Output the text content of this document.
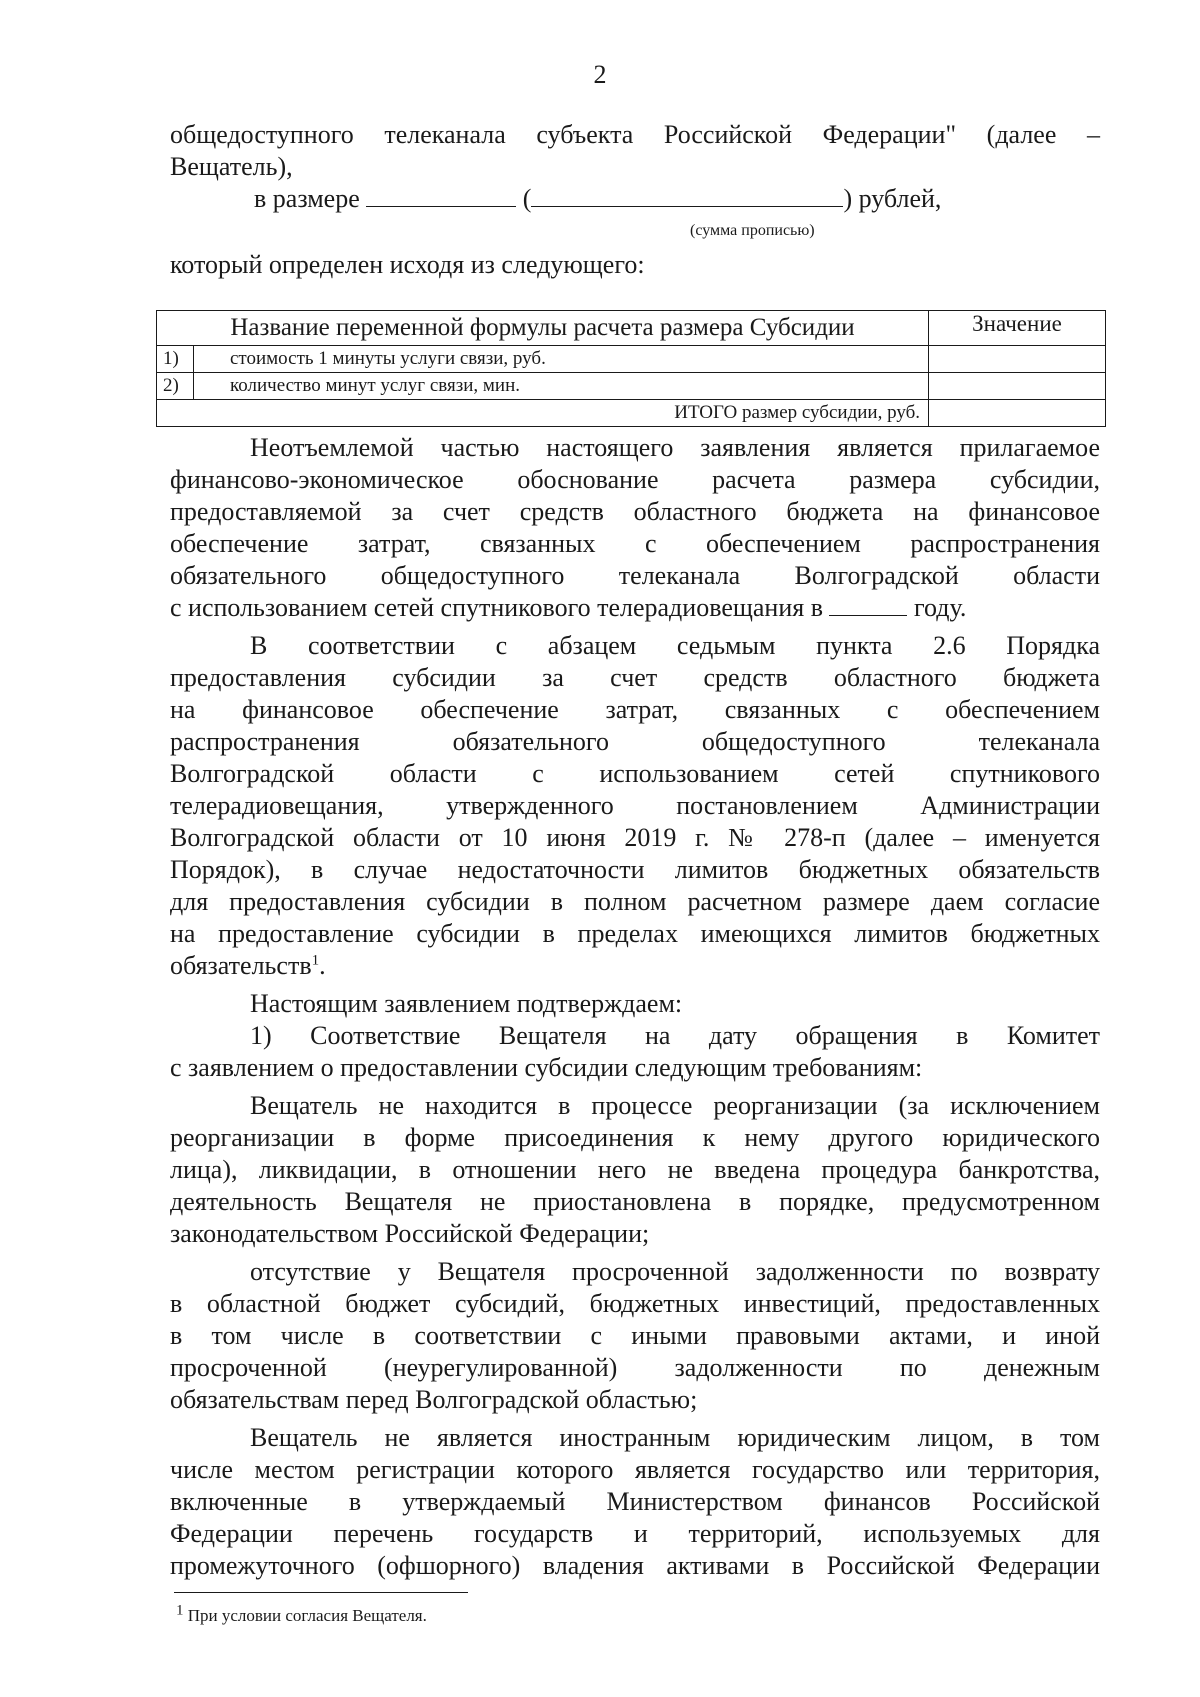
2
общедоступного телеканала субъекта Российской Федерации" (далее –
Вещатель),
в размере	(	) рублей,
(сумма прописью)
который определен исходя из следующего:
Название переменной формулы расчета размера Субсидии	Значение
1) стоимость 1 минуты услуги связи, руб.	
2) количество минут услуг связи, мин.	
ИТОГО размер субсидии, руб.	
Неотъемлемой частью настоящего заявления является прилагаемое
финансово-экономическое обоснование расчета размера субсидии,
предоставляемой за счет средств областного бюджета на финансовое
обеспечение затрат, связанных с обеспечением распространения
обязательного общедоступного телеканала Волгоградской области
с использованием сетей спутникового телерадиовещания в	году.
В соответствии с абзацем седьмым пункта 2.6 Порядка
предоставления субсидии за счет средств областного бюджета
на финансовое обеспечение затрат, связанных с обеспечением
распространения обязательного общедоступного телеканала
Волгоградской области с использованием сетей спутникового
телерадиовещания, утвержденного постановлением Администрации
Волгоградской области от 10 июня 2019 г. № 278-п (далее – именуется
Порядок), в случае недостаточности лимитов бюджетных обязательств
для предоставления субсидии в полном расчетном размере даем согласие
на предоставление субсидии в пределах имеющихся лимитов бюджетных
обязательств$^1$.
Настоящим заявлением подтверждаем:
1) Соответствие Вещателя на дату обращения в Комитет
с заявлением о предоставлении субсидии следующим требованиям:
Вещатель не находится в процессе реорганизации (за исключением
реорганизации в форме присоединения к нему другого юридического
лица), ликвидации, в отношении него не введена процедура банкротства,
деятельность Вещателя не приостановлена в порядке, предусмотренном
законодательством Российской Федерации;
отсутствие у Вещателя просроченной задолженности по возврату
в областной бюджет субсидий, бюджетных инвестиций, предоставленных
в том числе в соответствии с иными правовыми актами, и иной
просроченной (неурегулированной) задолженности по денежным
обязательствам перед Волгоградской областью;
Вещатель не является иностранным юридическим лицом, в том
числе местом регистрации которого является государство или территория,
включенные в утверждаемый Министерством финансов Российской
Федерации перечень государств и территорий, используемых для
промежуточного (офшорного) владения активами в Российской Федерации
$^1$ При условии согласия Вещателя.
